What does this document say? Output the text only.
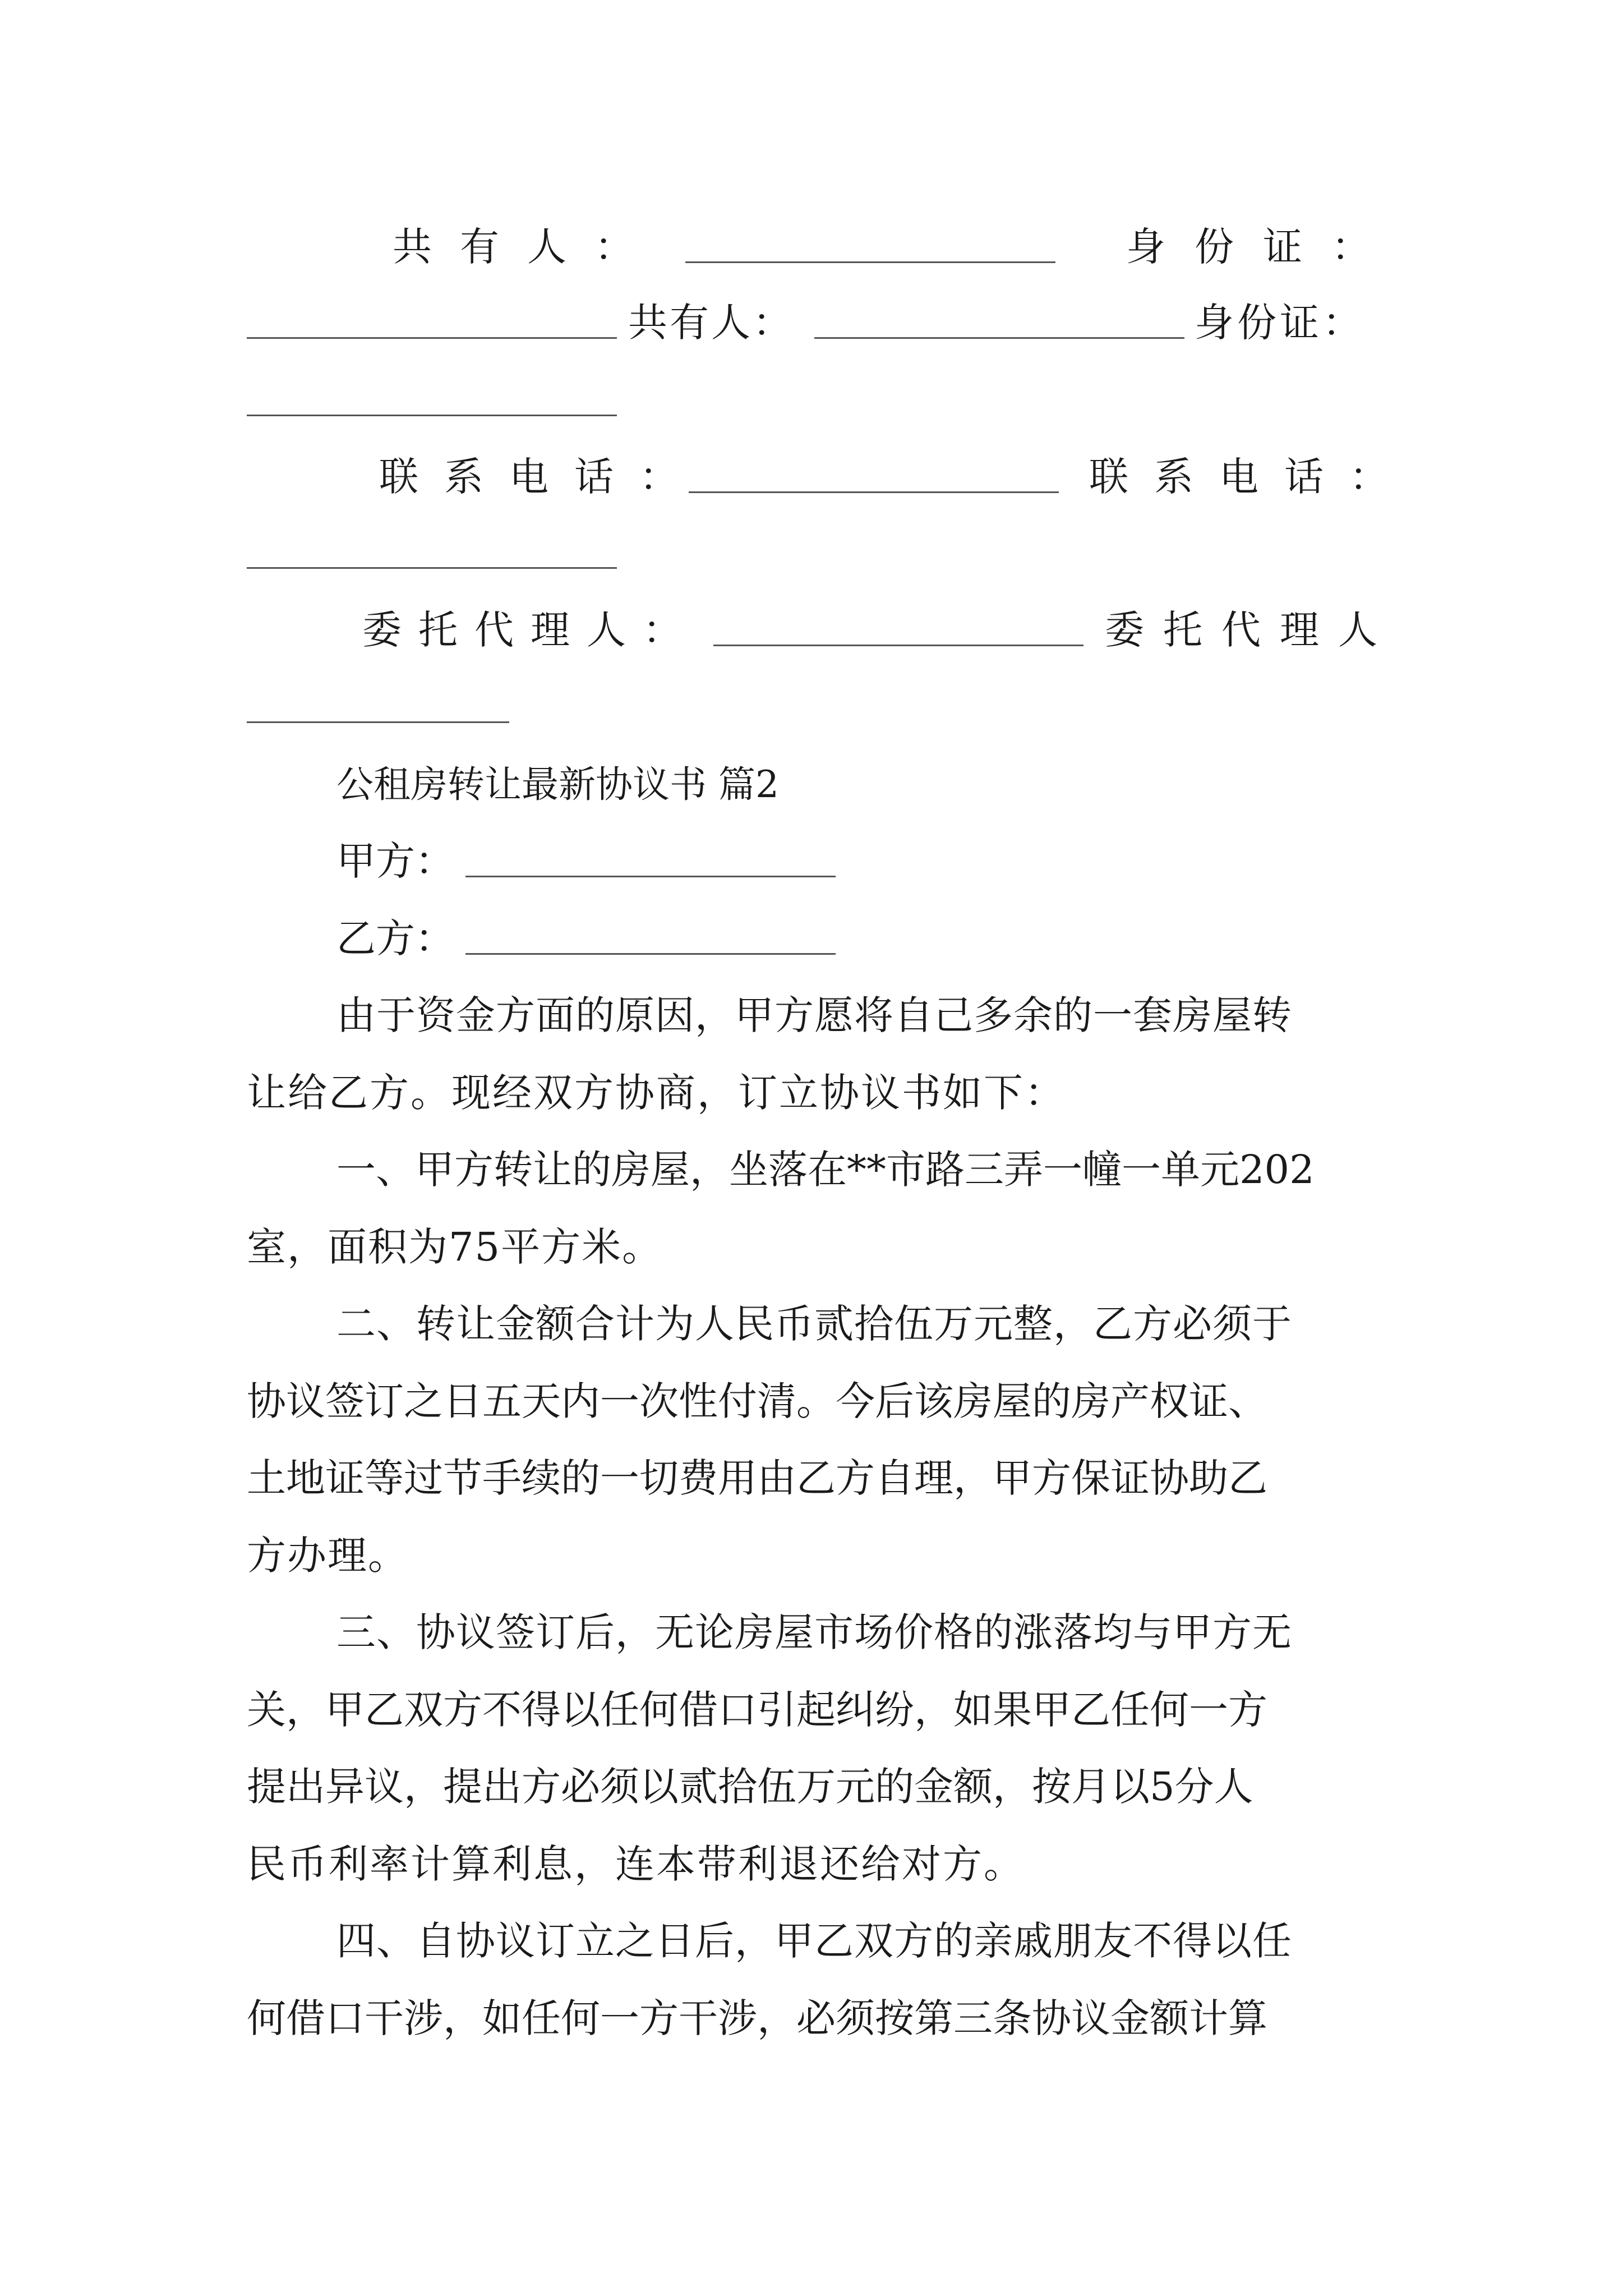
共有人：	身份证：
共有人：	身份证：
联系电话：	联系电话：
委托代理人：	委托代理人
公租房转让最新协议书 篇2
甲方：
乙方：
由于资金方面的原因，甲方愿将自己多余的一套房屋转
让给乙方。现经双方协商，订立协议书如下：
一、甲方转让的房屋，坐落在**市路三弄一幢一单元202
室，面积为75平方米。
二、转让金额合计为人民币贰拾伍万元整，乙方必须于
协议签订之日五天内一次性付清。今后该房屋的房产权证、
土地证等过节手续的一切费用由乙方自理，甲方保证协助乙
方办理。
三、协议签订后，无论房屋市场价格的涨落均与甲方无
关，甲乙双方不得以任何借口引起纠纷，如果甲乙任何一方
提出异议，提出方必须以贰拾伍万元的金额，按月以5分人
民币利率计算利息，连本带利退还给对方。
四、自协议订立之日后，甲乙双方的亲戚朋友不得以任
何借口干涉，如任何一方干涉，必须按第三条协议金额计算
